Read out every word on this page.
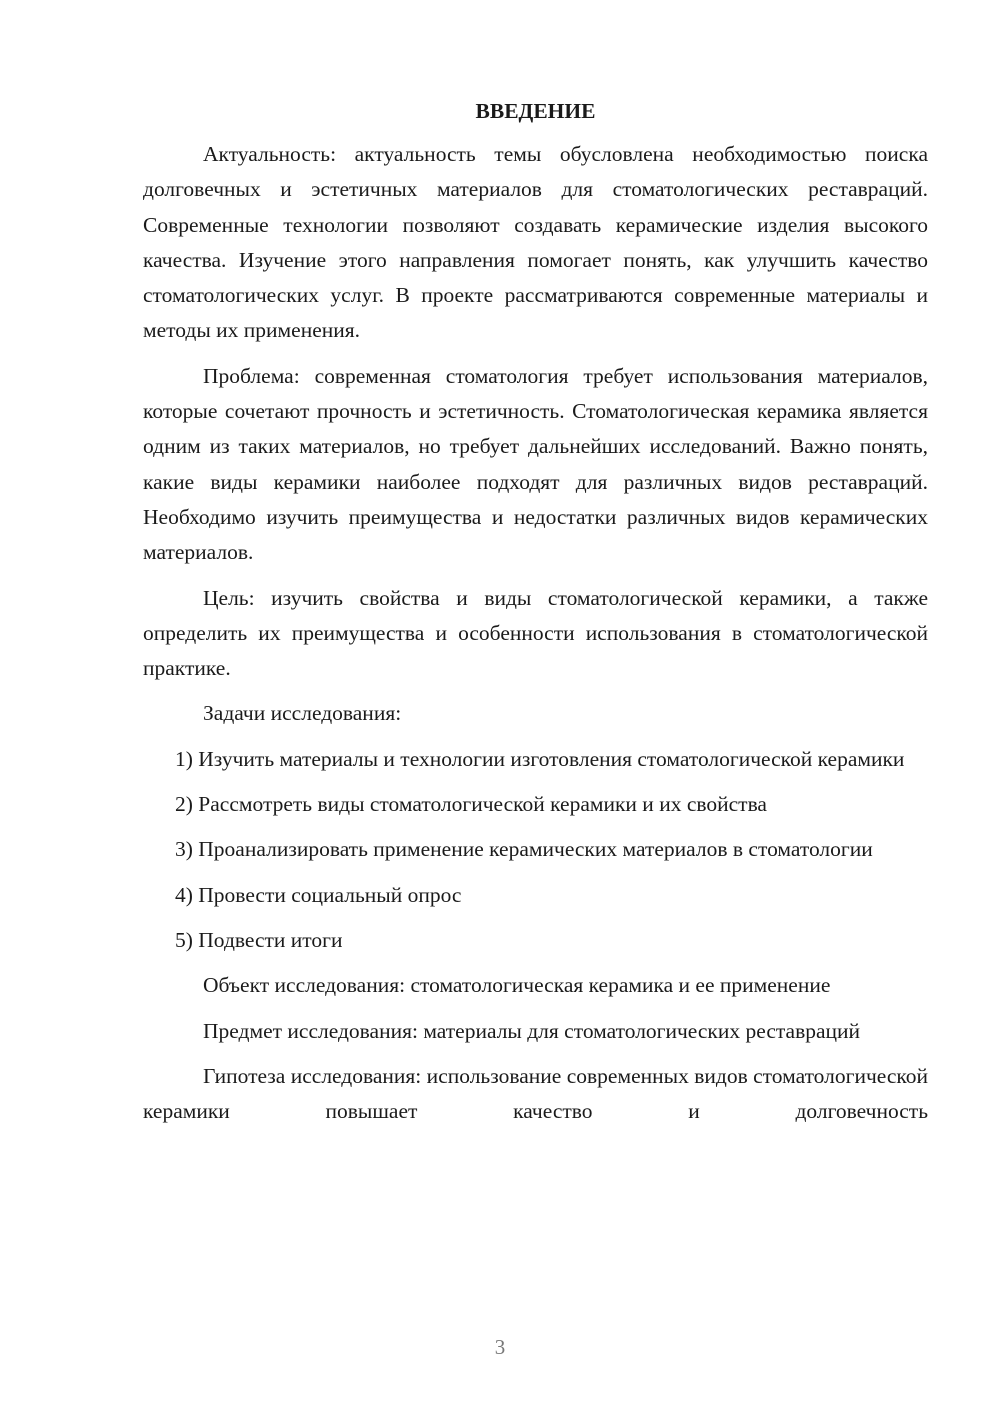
ВВЕДЕНИЕ

Актуальность: актуальность темы обусловлена необходимостью поиска долговечных и эстетичных материалов для стоматологических реставраций. Современные технологии позволяют создавать керамические изделия высокого качества. Изучение этого направления помогает понять, как улучшить качество стоматологических услуг. В проекте рассматриваются современные материалы и методы их применения.

Проблема: современная стоматология требует использования материалов, которые сочетают прочность и эстетичность. Стоматологическая керамика является одним из таких материалов, но требует дальнейших исследований. Важно понять, какие виды керамики наиболее подходят для различных видов реставраций. Необходимо изучить преимущества и недостатки различных видов керамических материалов.

Цель: изучить свойства и виды стоматологической керамики, а также определить их преимущества и особенности использования в стоматологической практике.

Задачи исследования:

1) Изучить материалы и технологии изготовления стоматологической керамики

2) Рассмотреть виды стоматологической керамики и их свойства

3) Проанализировать применение керамических материалов в стоматологии

4) Провести социальный опрос

5) Подвести итоги

Объект исследования: стоматологическая керамика и ее применение

Предмет исследования: материалы для стоматологических реставраций

Гипотеза исследования: использование современных видов стоматологической керамики повышает качество и долговечность

3
